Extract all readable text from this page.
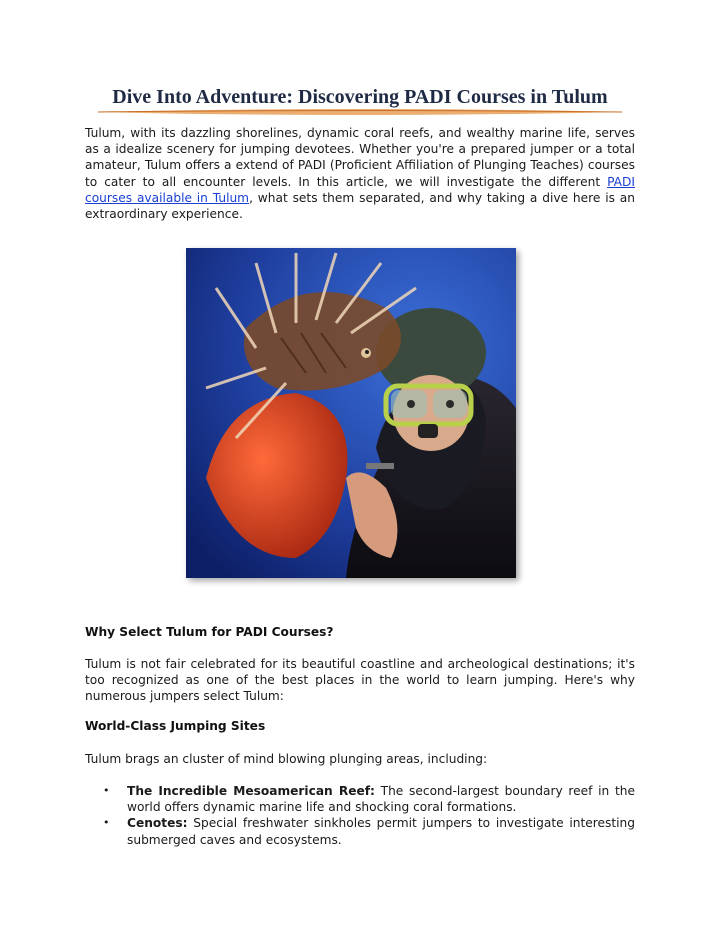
Dive Into Adventure: Discovering PADI Courses in Tulum

Tulum, with its dazzling shorelines, dynamic coral reefs, and wealthy marine life, serves as a idealize scenery for jumping devotees. Whether you're a prepared jumper or a total amateur, Tulum offers a extend of PADI (Proficient Affiliation of Plunging Teaches) courses to cater to all encounter levels. In this article, we will investigate the different PADI courses available in Tulum, what sets them separated, and why taking a dive here is an extraordinary experience.

Why Select Tulum for PADI Courses?

Tulum is not fair celebrated for its beautiful coastline and archeological destinations; it's too recognized as one of the best places in the world to learn jumping. Here's why numerous jumpers select Tulum:

World-Class Jumping Sites

Tulum brags an cluster of mind blowing plunging areas, including:

• The Incredible Mesoamerican Reef: The second-largest boundary reef in the world offers dynamic marine life and shocking coral formations.
• Cenotes: Special freshwater sinkholes permit jumpers to investigate interesting submerged caves and ecosystems.
